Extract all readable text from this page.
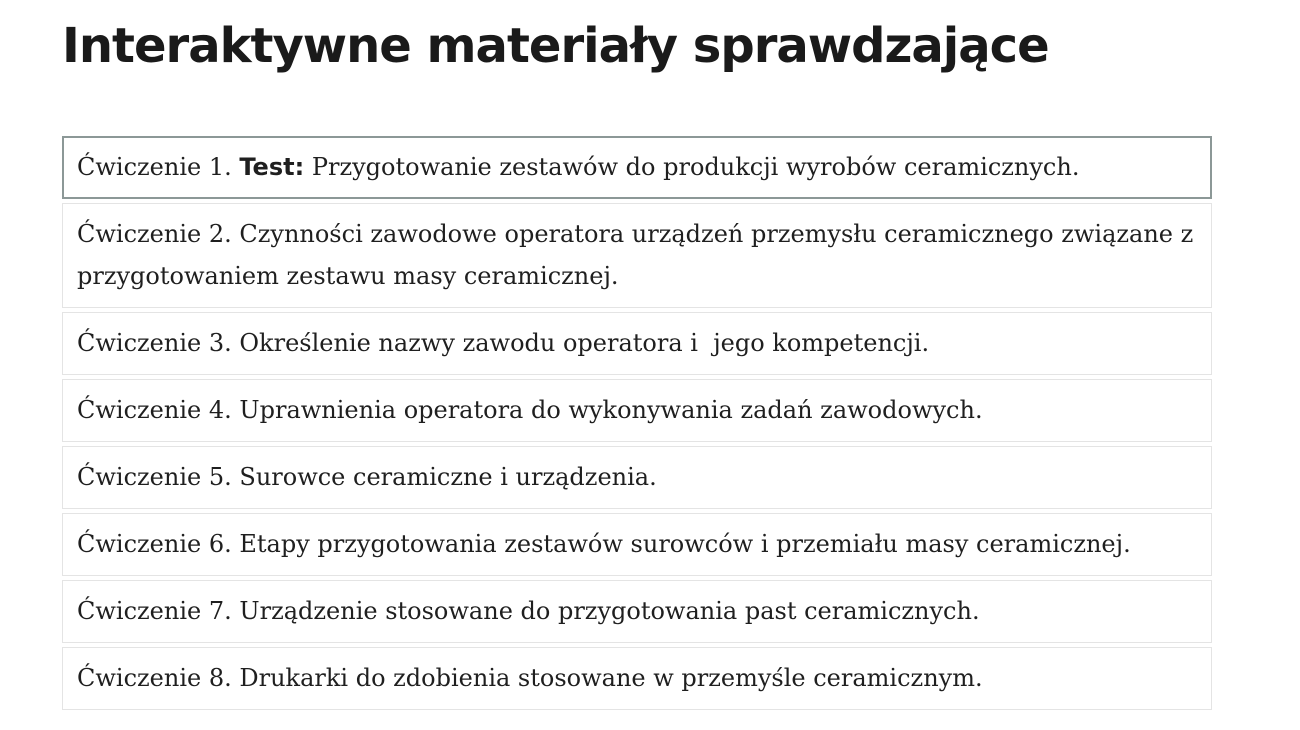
Interaktywne materiały sprawdzające
Ćwiczenie 1. Test: Przygotowanie zestawów do produkcji wyrobów ceramicznych.
Ćwiczenie 2. Czynności zawodowe operatora urządzeń przemysłu ceramicznego związane z przygotowaniem zestawu masy ceramicznej.
Ćwiczenie 3. Określenie nazwy zawodu operatora i  jego kompetencji.
Ćwiczenie 4. Uprawnienia operatora do wykonywania zadań zawodowych.
Ćwiczenie 5. Surowce ceramiczne i urządzenia.
Ćwiczenie 6. Etapy przygotowania zestawów surowców i przemiału masy ceramicznej.
Ćwiczenie 7. Urządzenie stosowane do przygotowania past ceramicznych.
Ćwiczenie 8. Drukarki do zdobienia stosowane w przemyśle ceramicznym.
